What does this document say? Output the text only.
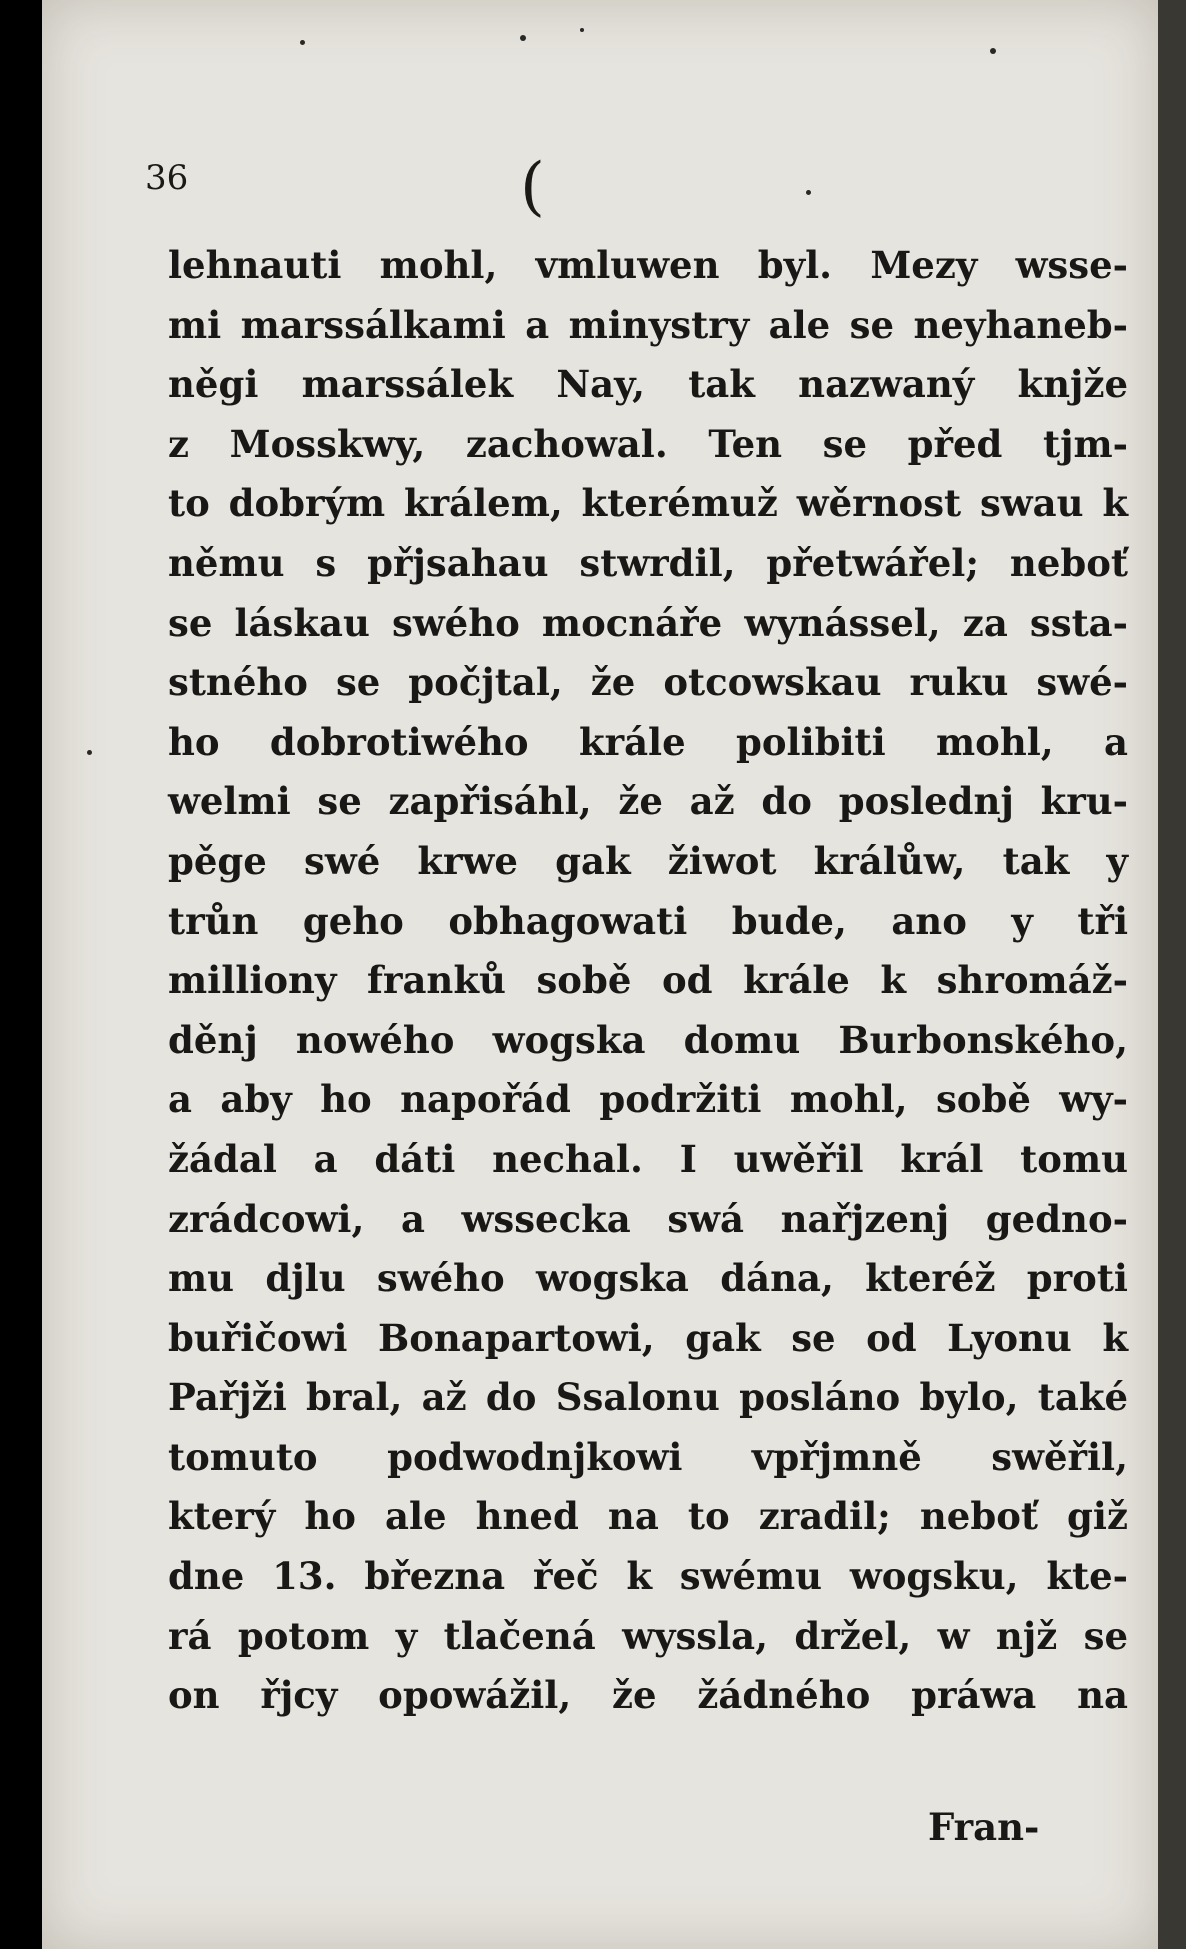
36	(
lehnauti mohl, vmluwen byl. Mezy wsse-
mi marssálkami a minystry ale se neyhaneb-
něgi marssálek Nay, tak nazwaný knjže
z Mosskwy, zachowal. Ten se před tjm-
to dobrým králem, kterémuž wěrnost swau k
němu s přjsahau stwrdil, přetwářel; neboť
se láskau swého mocnáře wynássel, za ssta-
stného se počjtal, že otcowskau ruku swé-
ho dobrotiwého krále polibiti mohl, a
welmi se zapřisáhl, že až do poslednj kru-
pěge swé krwe gak žiwot králůw, tak y
trůn geho obhagowati bude, ano y tři
milliony franků sobě od krále k shromáž-
děnj nowého wogska domu Burbonského,
a aby ho napořád podržiti mohl, sobě wy-
žádal a dáti nechal. I uwěřil král tomu
zrádcowi, a wssecka swá nařjzenj gedno-
mu djlu swého wogska dána, kteréž proti
buřičowi Bonapartowi, gak se od Lyonu k
Pařjži bral, až do Ssalonu posláno bylo, také
tomuto podwodnjkowi vpřjmně swěřil,
který ho ale hned na to zradil; neboť giž
dne 13. března řeč k swému wogsku, kte-
rá potom y tlačená wyssla, držel, w njž se
on řjcy opowážil, že žádného práwa na
Fran-
